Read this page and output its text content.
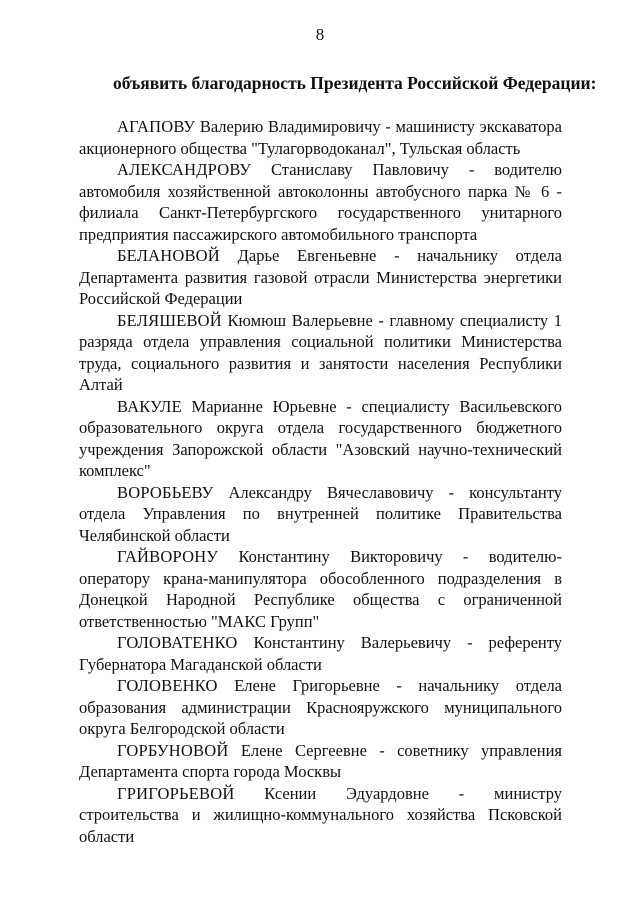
8
объявить благодарность Президента Российской Федерации:

АГАПОВУ Валерию Владимировичу - машинисту экскаватора акционерного общества "Тулагорводоканал", Тульская область

АЛЕКСАНДРОВУ Станиславу Павловичу - водителю автомобиля хозяйственной автоколонны автобусного парка № 6 - филиала Санкт-Петербургского государственного унитарного предприятия пассажирского автомобильного транспорта

БЕЛАНОВОЙ Дарье Евгеньевне - начальнику отдела Департамента развития газовой отрасли Министерства энергетики Российской Федерации

БЕЛЯШЕВОЙ Кюмюш Валерьевне - главному специалисту 1 разряда отдела управления социальной политики Министерства труда, социального развития и занятости населения Республики Алтай

ВАКУЛЕ Марианне Юрьевне - специалисту Васильевского образовательного округа отдела государственного бюджетного учреждения Запорожской области "Азовский научно-технический комплекс"

ВОРОБЬЕВУ Александру Вячеславовичу - консультанту отдела Управления по внутренней политике Правительства Челябинской области

ГАЙВОРОНУ Константину Викторовичу - водителю-оператору крана-манипулятора обособленного подразделения в Донецкой Народной Республике общества с ограниченной ответственностью "МАКС Групп"

ГОЛОВАТЕНКО Константину Валерьевичу - референту Губернатора Магаданской области

ГОЛОВЕНКО Елене Григорьевне - начальнику отдела образования администрации Краснояружского муниципального округа Белгородской области

ГОРБУНОВОЙ Елене Сергеевне - советнику управления Департамента спорта города Москвы

ГРИГОРЬЕВОЙ Ксении Эдуардовне - министру строительства и жилищно-коммунального хозяйства Псковской области
